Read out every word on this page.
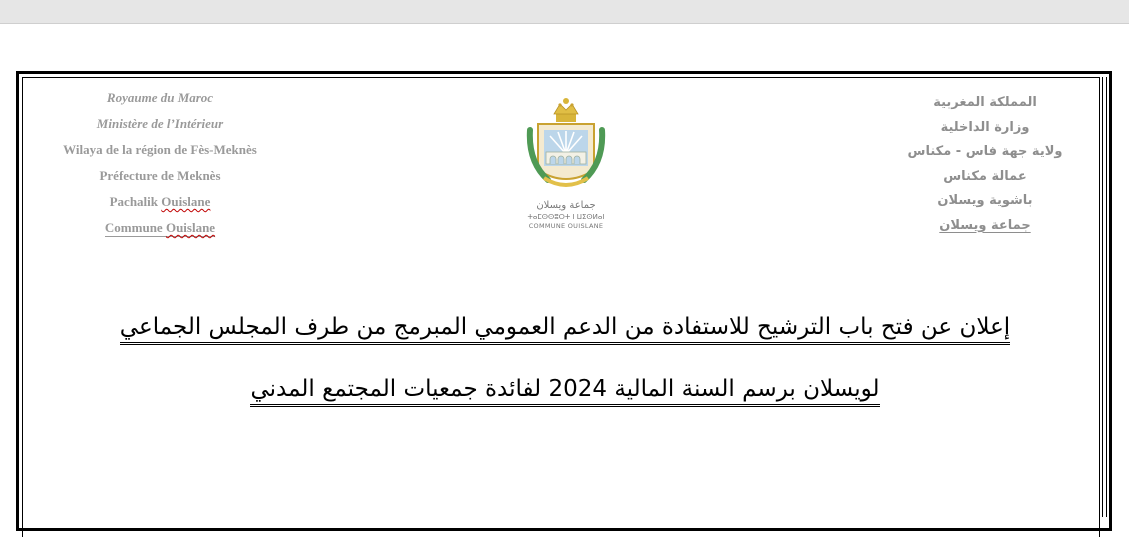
Royaume du Maroc
Ministère de l’Intérieur
Wilaya de la région de Fès-Meknès
Préfecture de Meknès
Pachalik Ouislane
Commune Ouislane
جماعة ويسلان
ⵜⴰⵎⵙⵙⵓⵔⵜ ⵏ ⵡⵉⵙⵍⴰⵏ
COMMUNE OUISLANE
المملكة المغربية
وزارة الداخلية
ولاية جهة فاس - مكناس
عمالة مكناس
باشوية ويسلان
جماعة ويسلان
إعلان عن فتح باب الترشيح للاستفادة من الدعم العمومي المبرمج من طرف المجلس الجماعي
لويسلان برسم السنة المالية 2024 لفائدة جمعيات المجتمع المدني
